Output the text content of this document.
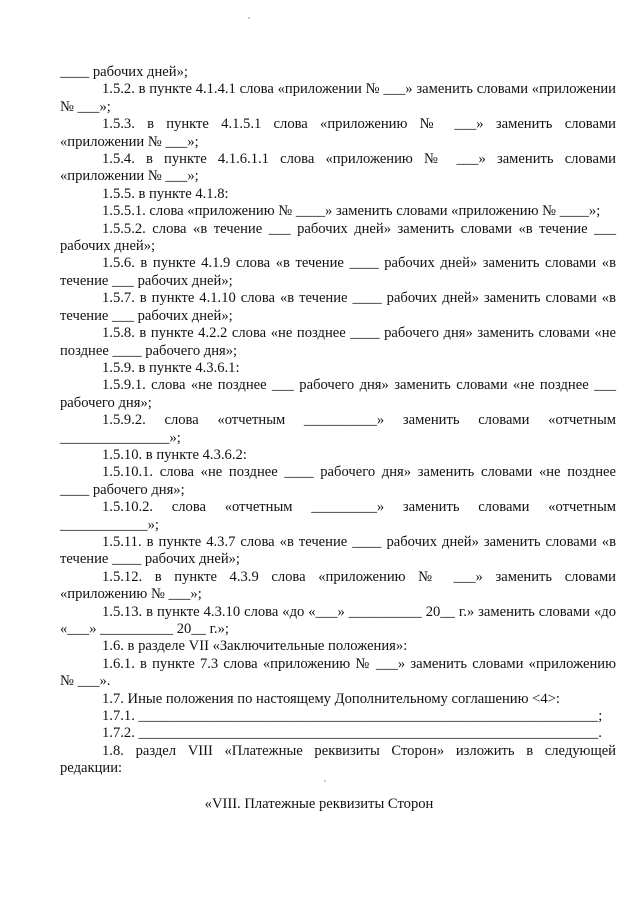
____ рабочих дней»;

1.5.2. в пункте 4.1.4.1 слова «приложении № ___» заменить словами «приложении № ___»;

1.5.3. в пункте 4.1.5.1 слова «приложению № ___» заменить словами «приложении № ___»;

1.5.4. в пункте 4.1.6.1.1 слова «приложению № ___» заменить словами «приложении № ___»;

1.5.5. в пункте 4.1.8:

1.5.5.1. слова «приложению № ____» заменить словами «приложению № ____»;

1.5.5.2. слова «в течение ___ рабочих дней» заменить словами «в течение ___ рабочих дней»;

1.5.6. в пункте 4.1.9 слова «в течение ____ рабочих дней» заменить словами «в течение ___ рабочих дней»;

1.5.7. в пункте 4.1.10 слова «в течение ____ рабочих дней» заменить словами «в течение ___ рабочих дней»;

1.5.8. в пункте 4.2.2 слова «не позднее ____ рабочего дня» заменить словами «не позднее ____ рабочего дня»;

1.5.9. в пункте 4.3.6.1:

1.5.9.1. слова «не позднее ___ рабочего дня» заменить словами «не позднее ___ рабочего дня»;

1.5.9.2. слова «отчетным __________» заменить словами «отчетным _______________»;

1.5.10. в пункте 4.3.6.2:

1.5.10.1. слова «не позднее ____ рабочего дня» заменить словами «не позднее ____ рабочего дня»;

1.5.10.2. слова «отчетным _________» заменить словами «отчетным ____________»;

1.5.11. в пункте 4.3.7 слова «в течение ____ рабочих дней» заменить словами «в течение ____ рабочих дней»;

1.5.12. в пункте 4.3.9 слова «приложению № ___» заменить словами «приложению № ___»;

1.5.13. в пункте 4.3.10 слова «до «___» __________ 20__ г.» заменить словами «до «___» __________ 20__ г.»;

1.6. в разделе VII «Заключительные положения»:

1.6.1. в пункте 7.3 слова «приложению № ___» заменить словами «приложению № ___».

1.7. Иные положения по настоящему Дополнительному соглашению <4>:

1.7.1. _______________________________________________________________;

1.7.2. _______________________________________________________________.

1.8. раздел VIII «Платежные реквизиты Сторон» изложить в следующей редакции:

«VIII. Платежные реквизиты Сторон
